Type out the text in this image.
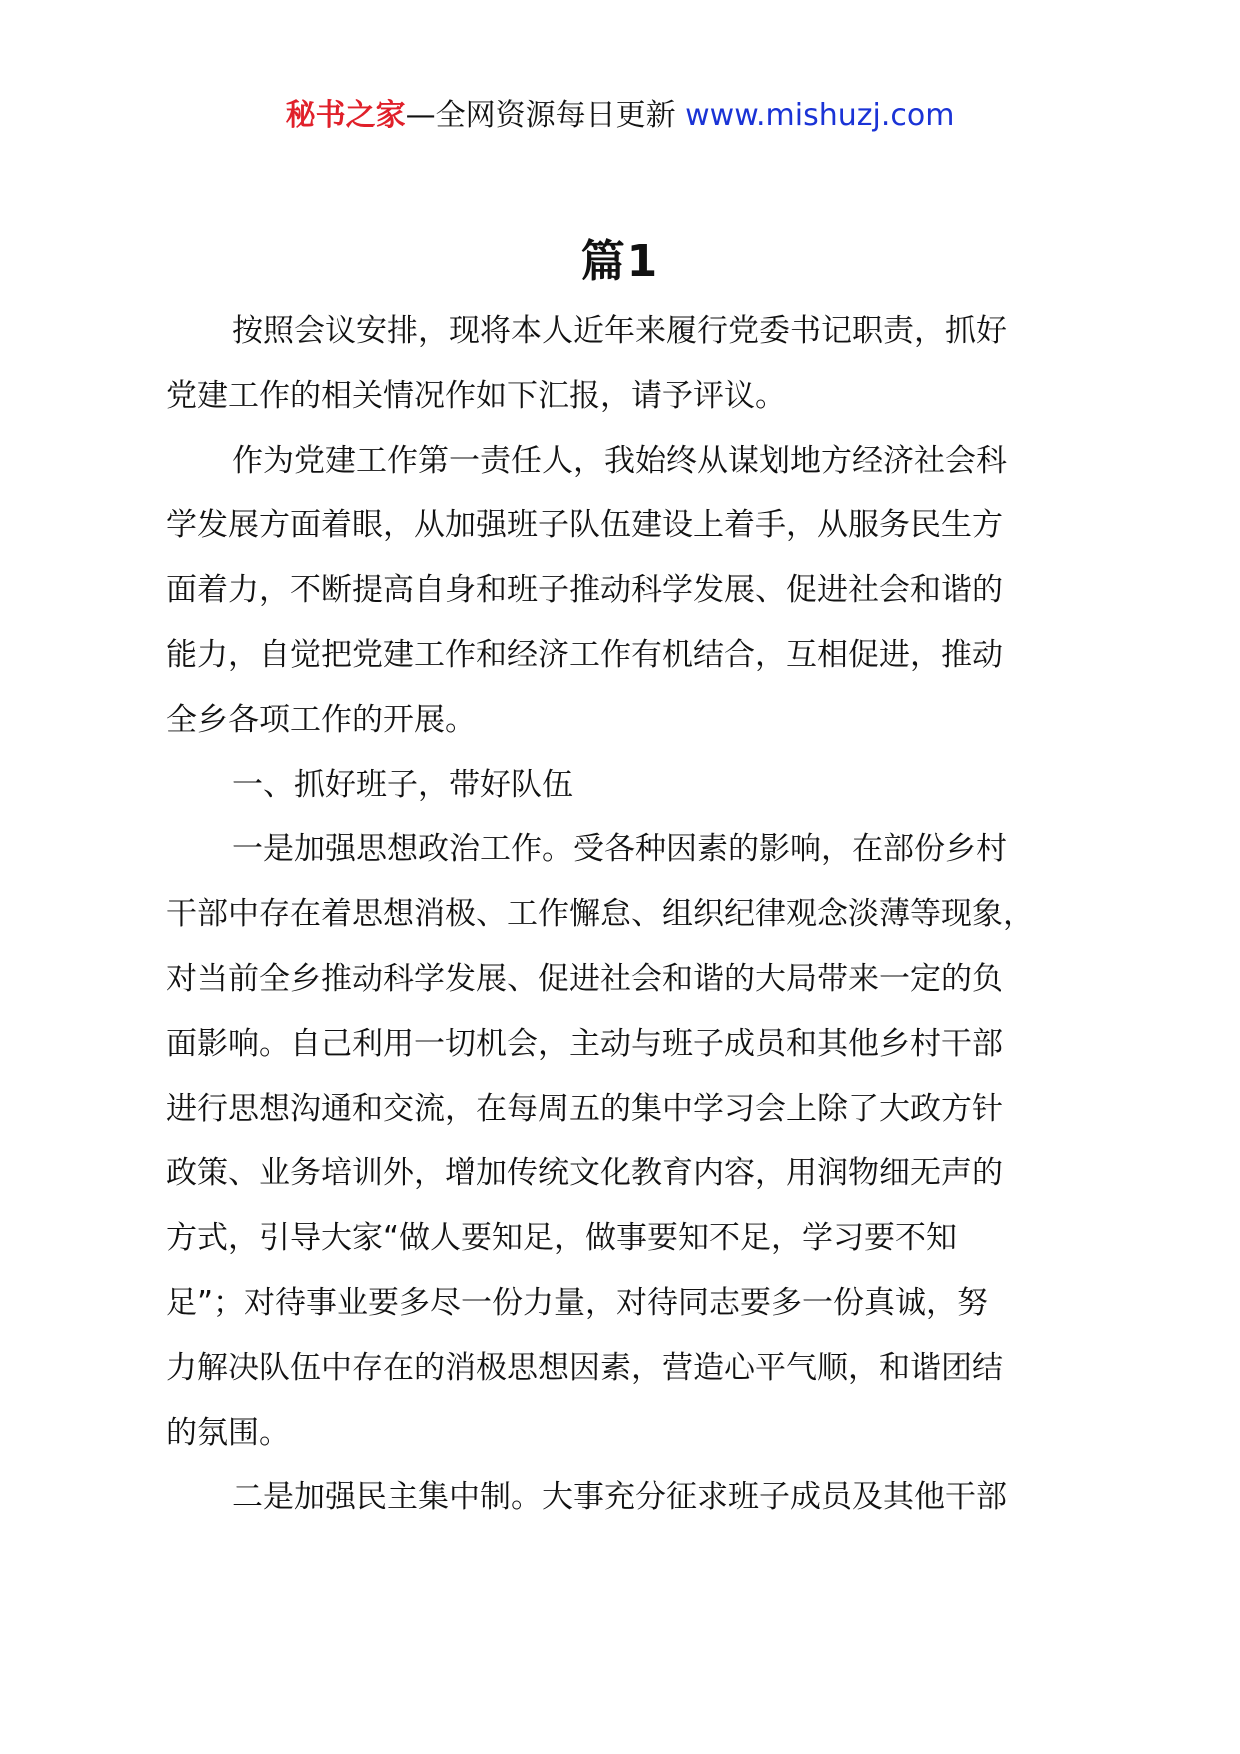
秘书之家—全网资源每日更新 www.mishuzj.com
篇1
按照会议安排，现将本人近年来履行党委书记职责，抓好
党建工作的相关情况作如下汇报，请予评议。
作为党建工作第一责任人，我始终从谋划地方经济社会科
学发展方面着眼，从加强班子队伍建设上着手，从服务民生方
面着力，不断提高自身和班子推动科学发展、促进社会和谐的
能力，自觉把党建工作和经济工作有机结合，互相促进，推动
全乡各项工作的开展。
一、抓好班子，带好队伍
一是加强思想政治工作。受各种因素的影响，在部份乡村
干部中存在着思想消极、工作懈怠、组织纪律观念淡薄等现象，
对当前全乡推动科学发展、促进社会和谐的大局带来一定的负
面影响。自己利用一切机会，主动与班子成员和其他乡村干部
进行思想沟通和交流，在每周五的集中学习会上除了大政方针
政策、业务培训外，增加传统文化教育内容，用润物细无声的
方式，引导大家“做人要知足，做事要知不足，学习要不知
足”；对待事业要多尽一份力量，对待同志要多一份真诚，努
力解决队伍中存在的消极思想因素，营造心平气顺，和谐团结
的氛围。
二是加强民主集中制。大事充分征求班子成员及其他干部
